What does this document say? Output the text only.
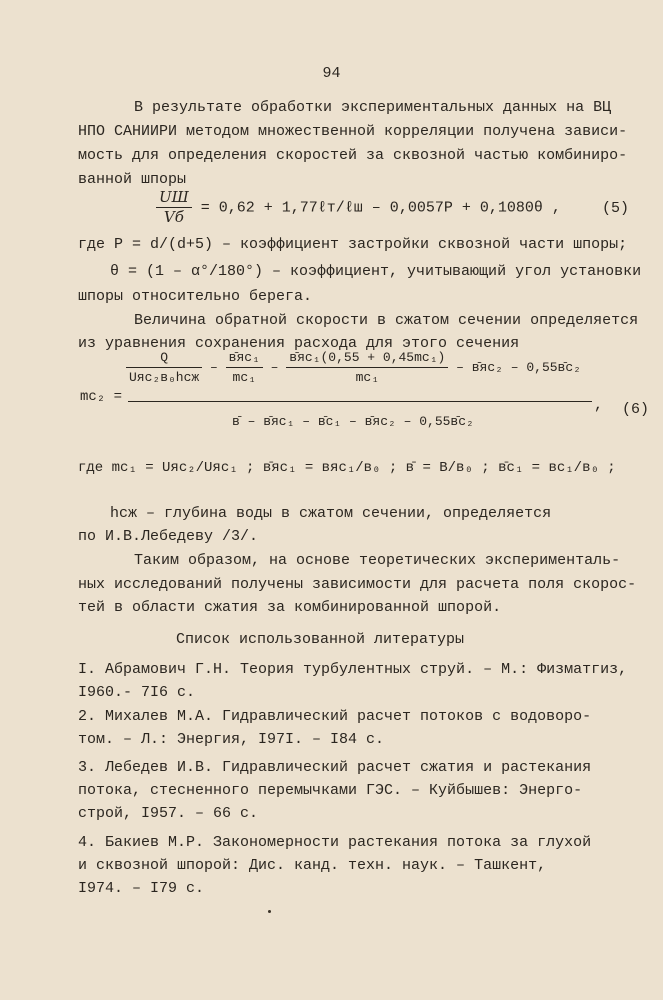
94
В результате обработки экспериментальных данных на ВЦ
НПО САНИИРИ методом множественной корреляции получена зависи-
мость для определения скоростей за сквозной частью комбиниро-
ванной шпоры
$\frac{UШ}{Vб} = 0,62$ + 1,77ℓт/ℓш – 0,0057P + 0,1080θ ,	(5)
где P = d/(d+5) – коэффициент застройки сквозной части шпоры;
θ = (1 – α°/180°) – коэффициент, учитывающий угол установки
шпоры относительно берега.
Величина обратной скорости в сжатом сечении определяется
из уравнения сохранения расхода для этого сечения
mс₂ =
$\frac{Q}{\text{Uяс₂в₀hсж}} - \frac{\text{в̄яс₁}}{\text{mс₁}} - \frac{\text{в̄яс₁(0,55 + 0,45mс₁)}}{\text{mс₁}}$ – в̄яс₂ – 0,55в̄с₂
в̄ – в̄яс₁ – в̄с₁ – в̄яс₂ – 0,55в̄с₂
, (6)
где mс₁ = Uяс₂/Uяс₁ ; в̄яс₁ = вяс₁/в₀ ; в̄ = B/в₀ ; в̄с₁ = вс₁/в₀ ;
hсж – глубина воды в сжатом сечении, определяется
по И.В.Лебедеву /3/.
Таким образом, на основе теоретических эксперименталь-
ных исследований получены зависимости для расчета поля скорос-
тей в области сжатия за комбинированной шпорой.
Список использованной литературы
I. Абрамович Г.Н. Теория турбулентных струй. – М.: Физматгиз,
I960.- 7I6 с.
2. Михалев М.А. Гидравлический расчет потоков с водоворо-
том. – Л.: Энергия, I97I. – I84 с.
3. Лебедев И.В. Гидравлический расчет сжатия и растекания
потока, стесненного перемычками ГЭС. – Куйбышев: Энерго-
строй, I957. – 66 с.
4. Бакиев М.Р. Закономерности растекания потока за глухой
и сквозной шпорой: Дис. канд. техн. наук. – Ташкент,
I974. – I79 с.
